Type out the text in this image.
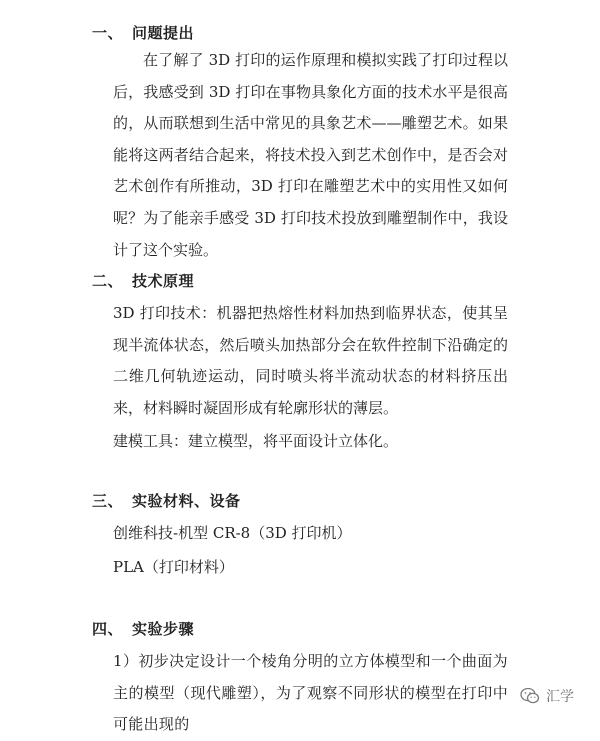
一、 问题提出

在了解了 3D 打印的运作原理和模拟实践了打印过程以后，我感受到 3D 打印在事物具象化方面的技术水平是很高的，从而联想到生活中常见的具象艺术——雕塑艺术。如果能将这两者结合起来，将技术投入到艺术创作中，是否会对艺术创作有所推动，3D 打印在雕塑艺术中的实用性又如何呢？为了能亲手感受 3D 打印技术投放到雕塑制作中，我设计了这个实验。

二、 技术原理

3D 打印技术：机器把热熔性材料加热到临界状态，使其呈现半流体状态，然后喷头加热部分会在软件控制下沿确定的二维几何轨迹运动，同时喷头将半流动状态的材料挤压出来，材料瞬时凝固形成有轮廓形状的薄层。

建模工具：建立模型，将平面设计立体化。

三、 实验材料、设备

创维科技-机型 CR-8（3D 打印机）

PLA（打印材料）

四、 实验步骤

1）初步决定设计一个棱角分明的立方体模型和一个曲面为主的模型（现代雕塑），为了观察不同形状的模型在打印中可能出现的

汇学
